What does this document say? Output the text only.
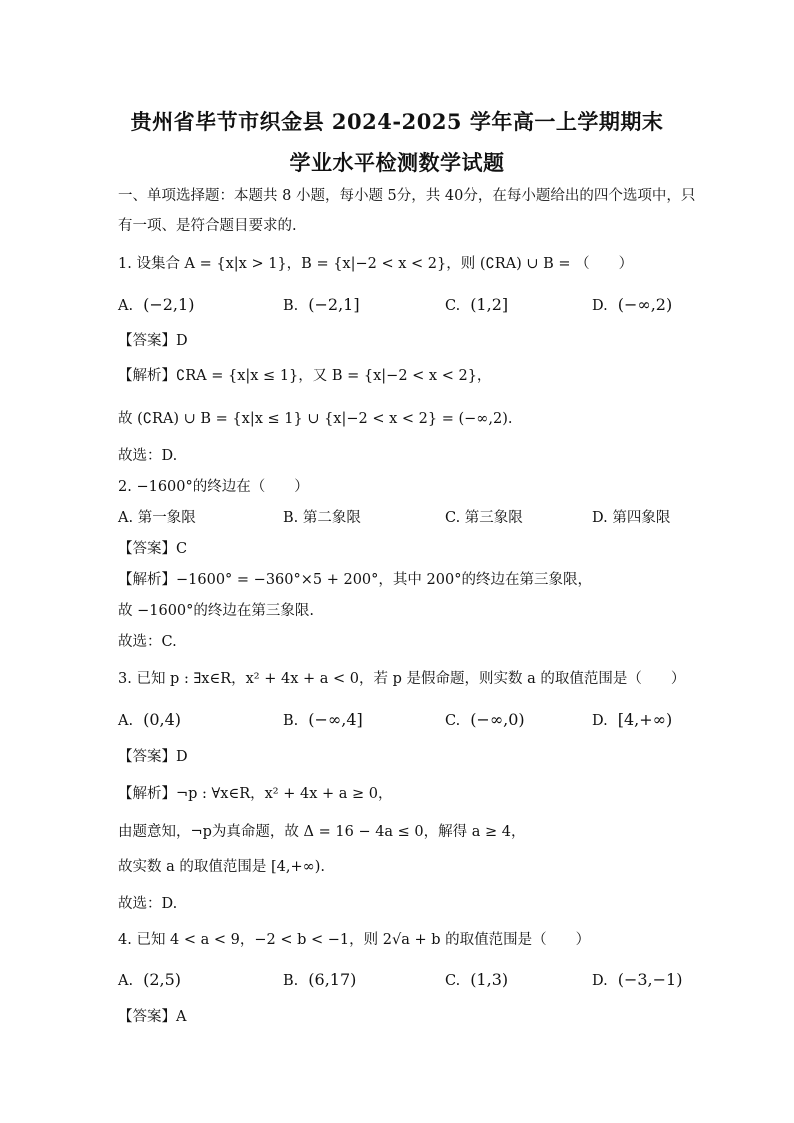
贵州省毕节市织金县 2024-2025 学年高一上学期期末
学业水平检测数学试题
一、单项选择题：本题共 8 小题，每小题 5分，共 40分，在每小题给出的四个选项中，只
有一项、是符合题目要求的.
1. 设集合 A = {x|x > 1}，B = {x|−2 < x < 2}，则 (∁RA) ∪ B = （　　）
A. (−2,1)	B. (−2,1]	C. (1,2]	D. (−∞,2)
【答案】D
【解析】∁RA = {x|x ≤ 1}，又 B = {x|−2 < x < 2}，
故 (∁RA) ∪ B = {x|x ≤ 1} ∪ {x|−2 < x < 2} = (−∞,2).
故选：D.
2. −1600°的终边在（　　）
A. 第一象限	B. 第二象限	C. 第三象限	D. 第四象限
【答案】C
【解析】−1600° = −360°×5 + 200°，其中 200°的终边在第三象限，
故 −1600°的终边在第三象限.
故选：C.
3. 已知 p : ∃x∈R，x² + 4x + a < 0，若 p 是假命题，则实数 a 的取值范围是（　　）
A. (0,4)	B. (−∞,4]	C. (−∞,0)	D. [4,+∞)
【答案】D
【解析】¬p : ∀x∈R，x² + 4x + a ≥ 0，
由题意知，¬p为真命题，故 Δ = 16 − 4a ≤ 0，解得 a ≥ 4，
故实数 a 的取值范围是 [4,+∞).
故选：D.
4. 已知 4 < a < 9，−2 < b < −1，则 2√a + b 的取值范围是（　　）
A. (2,5)	B. (6,17)	C. (1,3)	D. (−3,−1)
【答案】A
